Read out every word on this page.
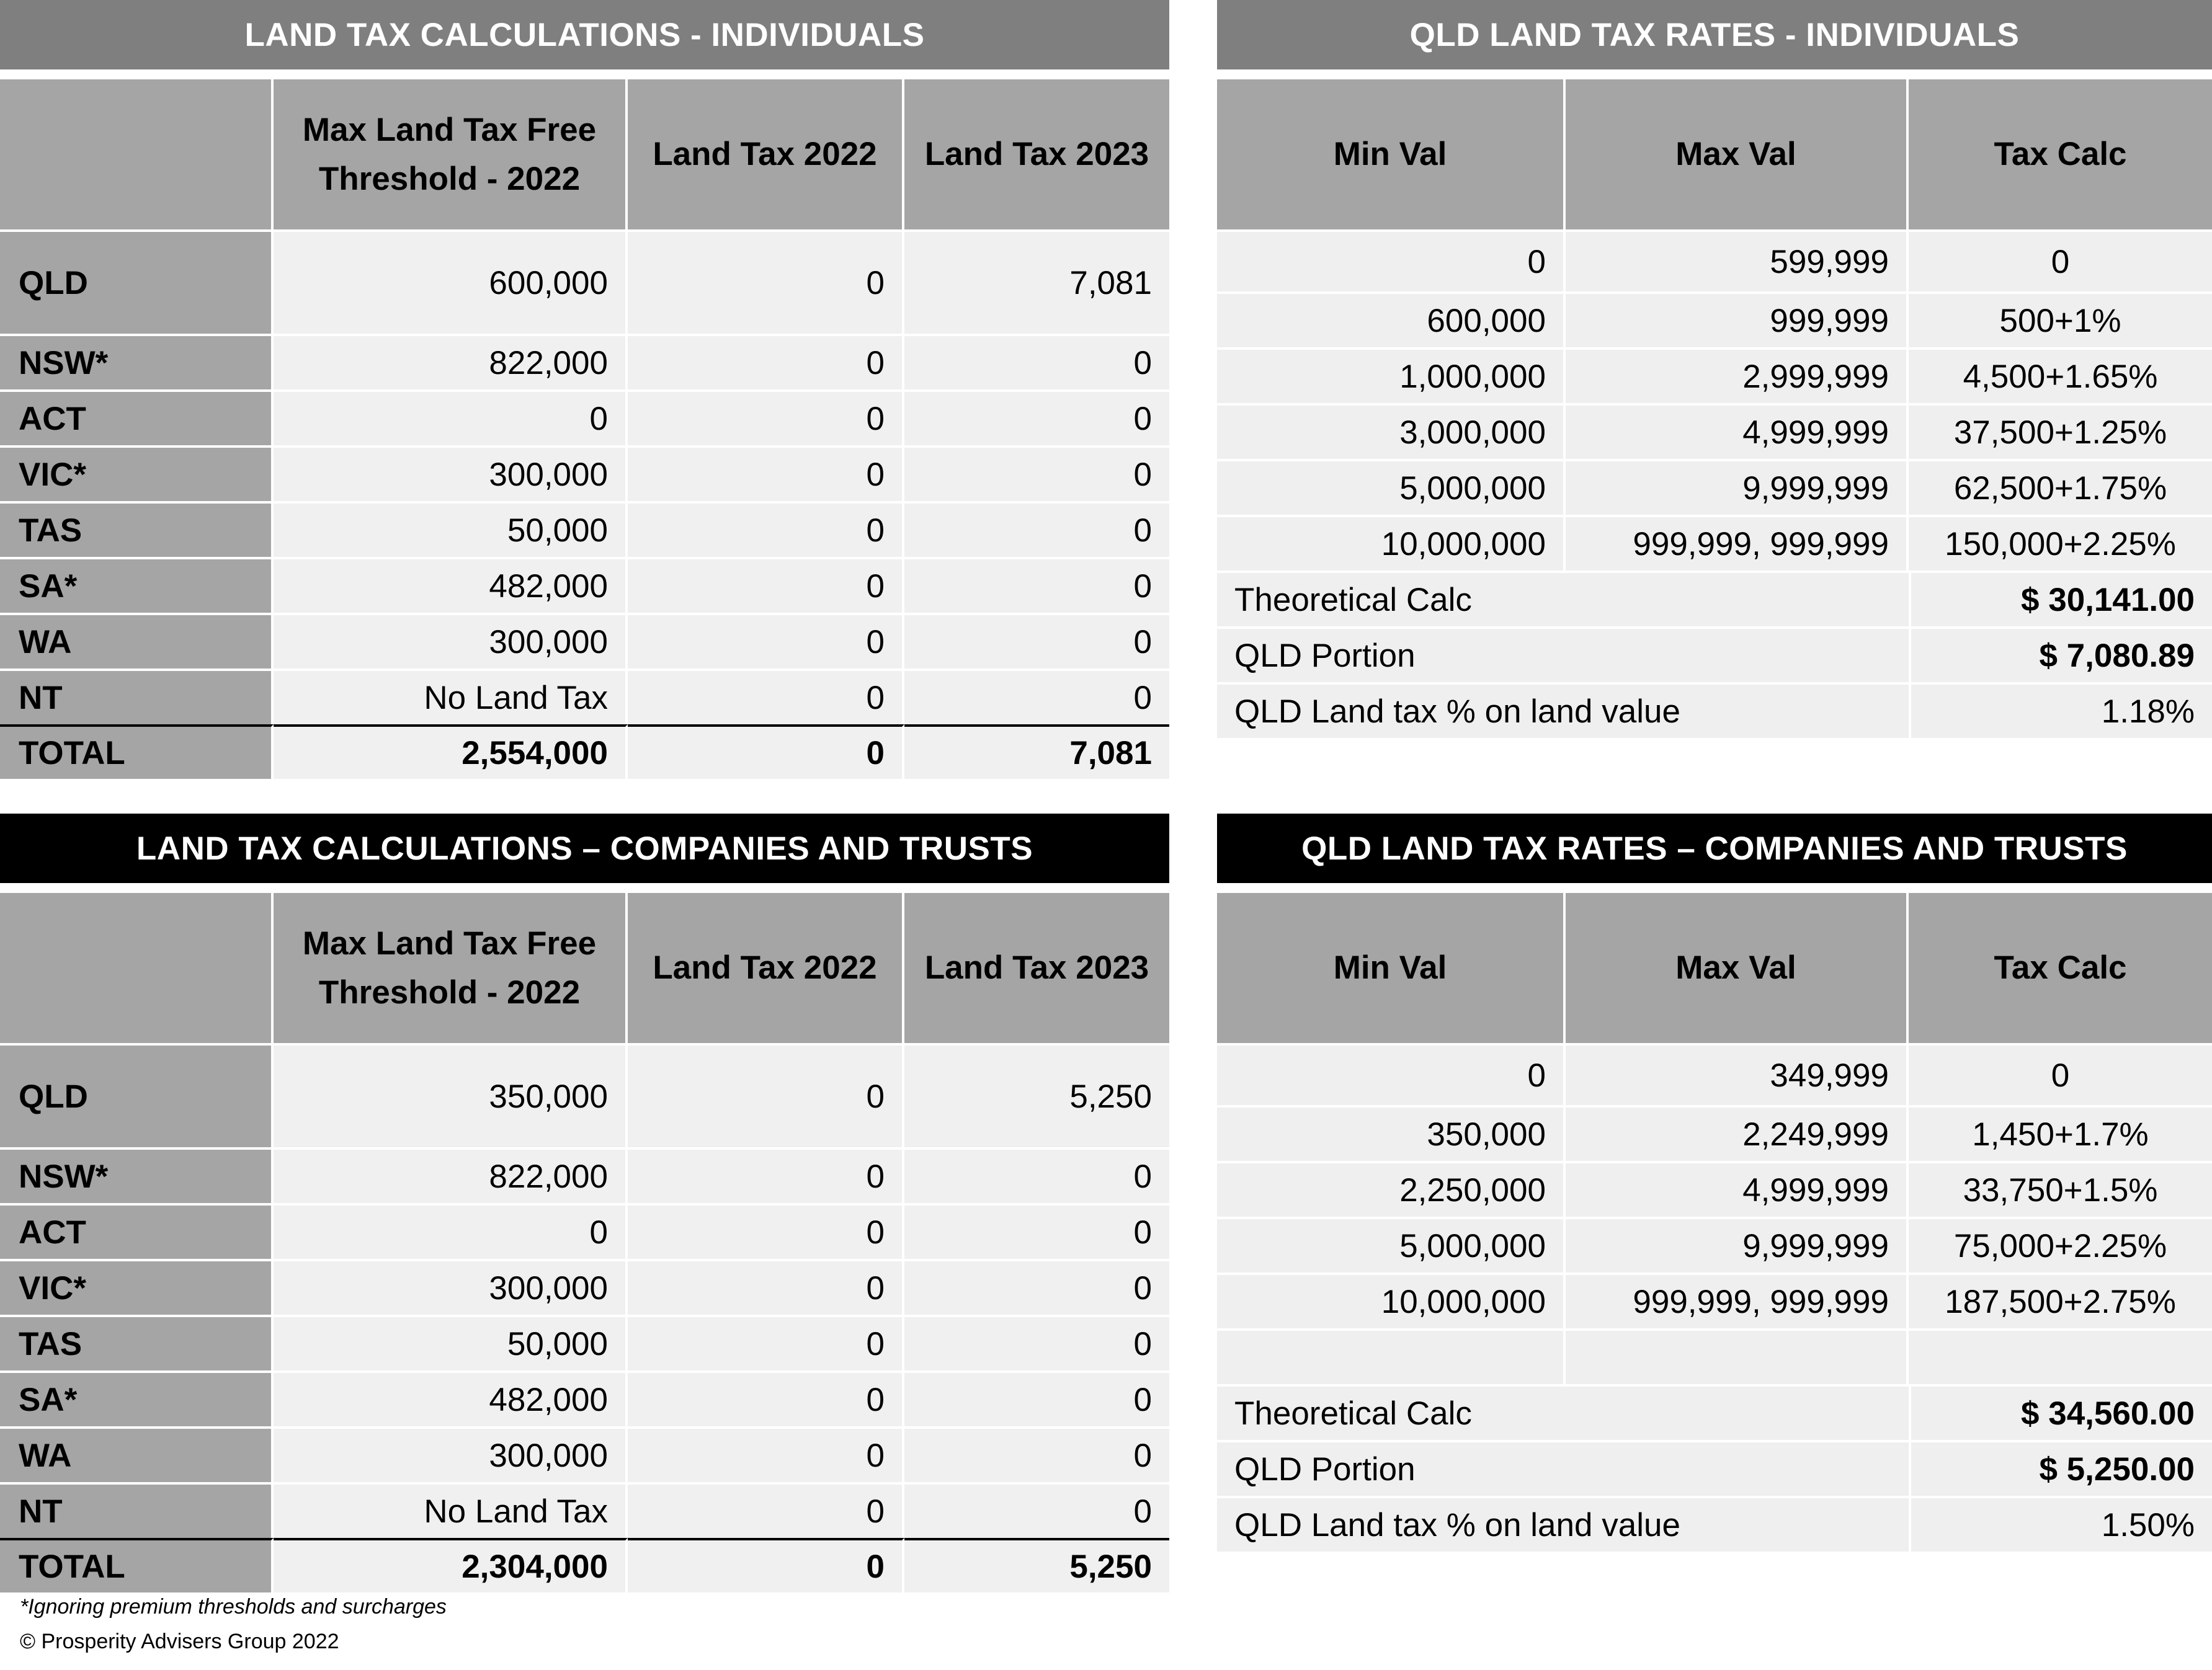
LAND TAX CALCULATIONS - INDIVIDUALS
	Max Land Tax Free Threshold - 2022	Land Tax 2022	Land Tax 2023
QLD	600,000	0	7,081
NSW*	822,000	0	0
ACT	0	0	0
VIC*	300,000	0	0
TAS	50,000	0	0
SA*	482,000	0	0
WA	300,000	0	0
NT	No Land Tax	0	0
TOTAL	2,554,000	0	7,081
QLD LAND TAX RATES - INDIVIDUALS
Min Val	Max Val	Tax Calc
0	599,999	0
600,000	999,999	500+1%
1,000,000	2,999,999	4,500+1.65%
3,000,000	4,999,999	37,500+1.25%
5,000,000	9,999,999	62,500+1.75%
10,000,000	999,999, 999,999	150,000+2.25%
Theoretical Calc		$ 30,141.00
QLD Portion		$ 7,080.89
QLD Land tax % on land value		1.18%
LAND TAX CALCULATIONS – COMPANIES AND TRUSTS
	Max Land Tax Free Threshold - 2022	Land Tax 2022	Land Tax 2023
QLD	350,000	0	5,250
NSW*	822,000	0	0
ACT	0	0	0
VIC*	300,000	0	0
TAS	50,000	0	0
SA*	482,000	0	0
WA	300,000	0	0
NT	No Land Tax	0	0
TOTAL	2,304,000	0	5,250
QLD LAND TAX RATES – COMPANIES AND TRUSTS
Min Val	Max Val	Tax Calc
0	349,999	0
350,000	2,249,999	1,450+1.7%
2,250,000	4,999,999	33,750+1.5%
5,000,000	9,999,999	75,000+2.25%
10,000,000	999,999, 999,999	187,500+2.75%

Theoretical Calc		$ 34,560.00
QLD Portion		$ 5,250.00
QLD Land tax % on land value		1.50%
*Ignoring premium thresholds and surcharges
© Prosperity Advisers Group 2022
